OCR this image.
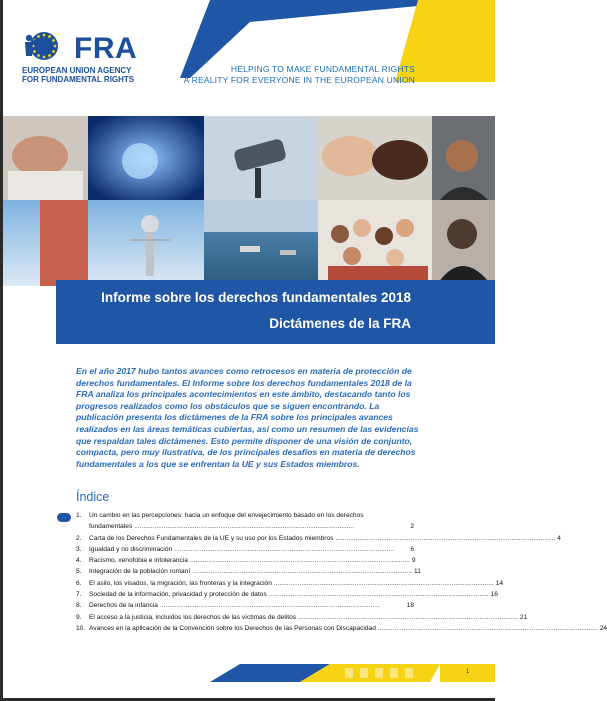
FRA
EUROPEAN UNION AGENCY
FOR FUNDAMENTAL RIGHTS
HELPING TO MAKE FUNDAMENTAL RIGHTS
A REALITY FOR EVERYONE IN THE EUROPEAN UNION
Informe sobre los derechos fundamentales 2018
Dictámenes de la FRA
En el año 2017 hubo tantos avances como retrocesos en materia de protección de derechos fundamentales. El Informe sobre los derechos fundamentales 2018 de la FRA analiza los principales acontecimientos en este ámbito, destacando tanto los progresos realizados como los obstáculos que se siguen encontrando. La publicación presenta los dictámenes de la FRA sobre los principales avances realizados en las áreas temáticas cubiertas, así como un resumen de las evidencias que respaldan tales dictámenes. Esto permite disponer de una visión de conjunto, compacta, pero muy ilustrativa, de los principales desafíos en materia de derechos fundamentales a los que se enfrentan la UE y sus Estados miembros.
Índice
1.	Un cambio en las percepciones: hacia un enfoque del envejecimiento basado en los derechos
fundamentales ........................................................................................................................	2
2.	Carta de los Derechos Fundamentales de la UE y su uso por los Estados miembros ........................................................................................................................ 4
3.	Igualdad y no discriminación ........................................................................................................................	6
4.	Racismo, xenofobia e intolerancia ........................................................................................................................ 9
5.	Integración de la población romaní ........................................................................................................................ 11
6.	El asilo, los visados, la migración, las fronteras y la integración ........................................................................................................................ 14
7.	Sociedad de la información, privacidad y protección de datos ........................................................................................................................ 16
8.	Derechos de la infancia ........................................................................................................................	18
9.	El acceso a la justicia, incluidos los derechos de las víctimas de delitos ........................................................................................................................ 21
10. Avances en la aplicación de la Convención sobre los Derechos de las Personas con Discapacidad ........................................................................................................................ 24
1
